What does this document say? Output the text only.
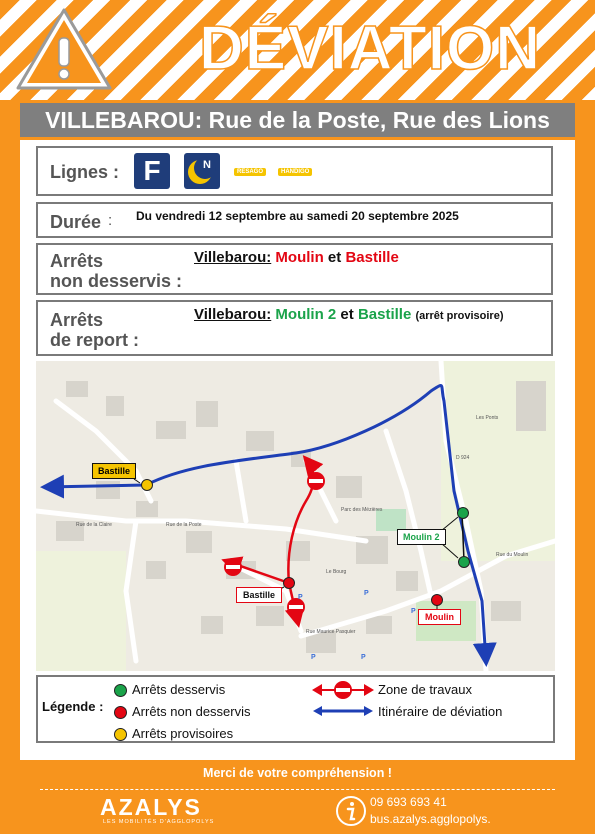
DÉVIATION
VILLEBAROU: Rue de la Poste, Rue des Lions
Lignes : F	N
RESAGO	HANDIGO
Durée : Du vendredi 12 septembre au samedi 20 septembre 2025
Arrêts
non desservis :
Villebarou: Moulin et Bastille
Arrêts
de report :
Villebarou: Moulin 2 et Bastille (arrêt provisoire)
Rue de la Poste
Rue de la Claire
Rue du Moulin
Rue Maurice Pasquier
Les Ponts
Parc des Mézières
Le Bourg
D 924
P
P
P
P
P
Bastille
Bastille
Moulin 2
Moulin
Légende :
Arrêts desservis
Arrêts non desservis
Arrêts provisoires
Zone de travaux
Itinéraire de déviation
Merci de votre compréhension !
AZALYS
LES MOBILITÉS D'AGGLOPOLYS
09 693 693 41
bus.azalys.agglopolys.
